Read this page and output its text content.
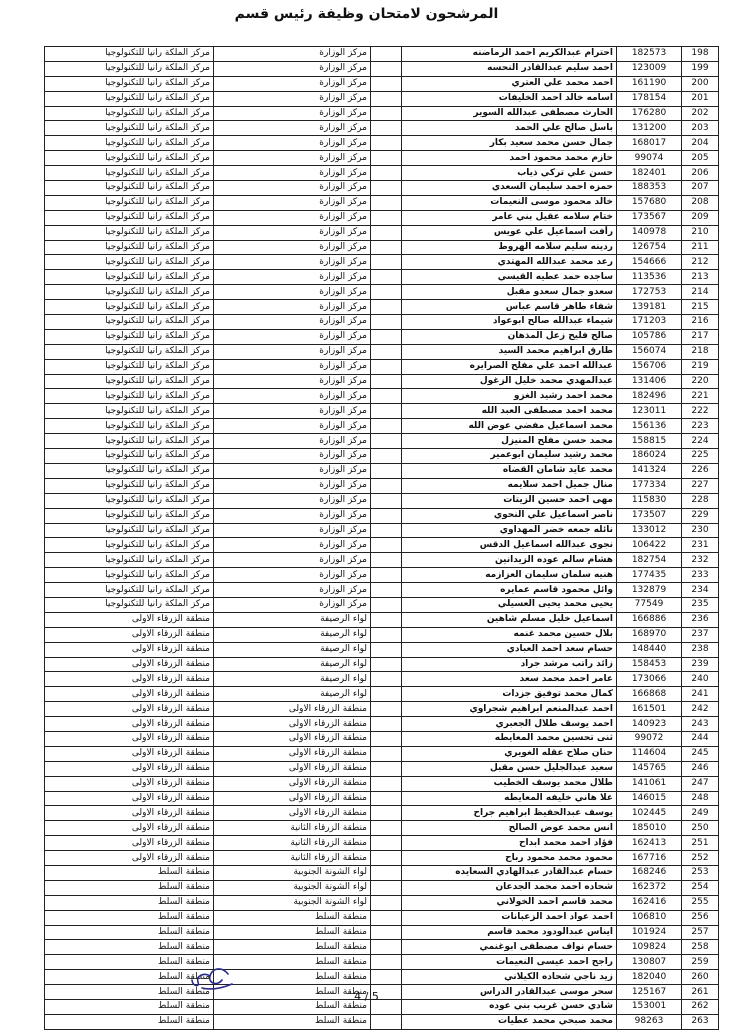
المرشحون لامتحان وظيفة رئيس قسم
198	182573	احترام عبدالكريم احمد الرماضنه		مركز الوزارة	مركز الملكة رانيا للتكنولوجيا
199	123009	احمد سليم عبدالقادر النحسه		مركز الوزارة	مركز الملكة رانيا للتكنولوجيا
200	161190	احمد محمد علي العتري		مركز الوزارة	مركز الملكة رانيا للتكنولوجيا
201	178154	اسامه خالد احمد الخليفات		مركز الوزارة	مركز الملكة رانيا للتكنولوجيا
202	176280	الحارث مصطفى عبدالله السوير		مركز الوزارة	مركز الملكة رانيا للتكنولوجيا
203	131200	باسل صالح علي الحمد		مركز الوزارة	مركز الملكة رانيا للتكنولوجيا
204	168017	جمال حسن محمد سعيد بكار		مركز الوزارة	مركز الملكة رانيا للتكنولوجيا
205	99074	حازم محمد محمود احمد		مركز الوزارة	مركز الملكة رانيا للتكنولوجيا
206	182401	حسن علي تركي ذياب		مركز الوزارة	مركز الملكة رانيا للتكنولوجيا
207	188353	حمزه احمد سليمان السعدي		مركز الوزارة	مركز الملكة رانيا للتكنولوجيا
208	157680	خالد محمود موسى النعيمات		مركز الوزارة	مركز الملكة رانيا للتكنولوجيا
209	173567	ختام سلامه عقيل بني عامر		مركز الوزارة	مركز الملكة رانيا للتكنولوجيا
210	140978	رأفت اسماعيل علي عويس		مركز الوزارة	مركز الملكة رانيا للتكنولوجيا
211	126754	ردينه سليم سلامه الهروط		مركز الوزارة	مركز الملكة رانيا للتكنولوجيا
212	154666	رعد محمد عبدالله المهتدي		مركز الوزارة	مركز الملكة رانيا للتكنولوجيا
213	113536	ساجده حمد عطيه القيسي		مركز الوزارة	مركز الملكة رانيا للتكنولوجيا
214	172753	سعدو جمال سعدو مقبل		مركز الوزارة	مركز الملكة رانيا للتكنولوجيا
215	139181	شفاء طاهر قاسم عباس		مركز الوزارة	مركز الملكة رانيا للتكنولوجيا
216	171203	شيماء عبدالله صالح ابوعواد		مركز الوزارة	مركز الملكة رانيا للتكنولوجيا
217	105786	صالح فليح زعل المذهان		مركز الوزارة	مركز الملكة رانيا للتكنولوجيا
218	156074	طارق ابراهيم محمد السيد		مركز الوزارة	مركز الملكة رانيا للتكنولوجيا
219	156706	عبدالله احمد علي مفلح الصرايره		مركز الوزارة	مركز الملكة رانيا للتكنولوجيا
220	131406	عبدالمهدي محمد خليل الزغول		مركز الوزارة	مركز الملكة رانيا للتكنولوجيا
221	182496	محمد احمد رشيد الغزو		مركز الوزارة	مركز الملكة رانيا للتكنولوجيا
222	123011	محمد احمد مصطفى العبد الله		مركز الوزارة	مركز الملكة رانيا للتكنولوجيا
223	156136	محمد اسماعيل مفضي عوض الله		مركز الوزارة	مركز الملكة رانيا للتكنولوجيا
224	158815	محمد حسن مفلح المنيزل		مركز الوزارة	مركز الملكة رانيا للتكنولوجيا
225	186024	محمد رشيد سليمان ابوعمير		مركز الوزارة	مركز الملكة رانيا للتكنولوجيا
226	141324	محمد عايد شامان القضاه		مركز الوزارة	مركز الملكة رانيا للتكنولوجيا
227	177334	منال جميل احمد سلايمه		مركز الوزارة	مركز الملكة رانيا للتكنولوجيا
228	115830	مهى احمد حسين الزيتات		مركز الوزارة	مركز الملكة رانيا للتكنولوجيا
229	173507	ناصر اسماعيل علي النحوي		مركز الوزارة	مركز الملكة رانيا للتكنولوجيا
230	133012	نائله جمعه خضر المهداوي		مركز الوزارة	مركز الملكة رانيا للتكنولوجيا
231	106422	نجوى عبدالله اسماعيل الدقس		مركز الوزارة	مركز الملكة رانيا للتكنولوجيا
232	182754	هشام سالم عوده الزيدانين		مركز الوزارة	مركز الملكة رانيا للتكنولوجيا
233	177435	هنيه سلمان سليمان العزازمه		مركز الوزارة	مركز الملكة رانيا للتكنولوجيا
234	132879	وائل محمود قاسم عمايره		مركز الوزارة	مركز الملكة رانيا للتكنولوجيا
235	77549	يحيى محمد يحيى العسيلي		مركز الوزارة	مركز الملكة رانيا للتكنولوجيا
236	166886	اسماعيل خليل مسلم شاهين		لواء الرصيفة	منطقة الزرقاء الاولى
237	168970	بلال حسين محمد غنمه		لواء الرصيفة	منطقة الزرقاء الاولى
238	148440	حسام سعد احمد العبادي		لواء الرصيفة	منطقة الزرقاء الاولى
239	158453	زائد راتب مرشد جراد		لواء الرصيفة	منطقة الزرقاء الاولى
240	173066	عامر احمد محمد سعد		لواء الرصيفة	منطقة الزرقاء الاولى
241	166868	كمال محمد توفيق جزدات		لواء الرصيفة	منطقة الزرقاء الاولى
242	161501	احمد عبدالمنعم ابراهيم شجراوي		منطقة الزرقاء الاولى	منطقة الزرقاء الاولى
243	140923	احمد يوسف طلال الجعبري		منطقة الزرقاء الاولى	منطقة الزرقاء الاولى
244	99072	ثنى تحسين محمد المعايطه		منطقة الزرقاء الاولى	منطقة الزرقاء الاولى
245	114604	حنان صلاح عقله الغويري		منطقة الزرقاء الاولى	منطقة الزرقاء الاولى
246	145765	سعيد عبدالجليل حسن مقبل		منطقة الزرقاء الاولى	منطقة الزرقاء الاولى
247	141061	طلال محمد يوسف الخطيب		منطقة الزرقاء الاولى	منطقة الزرقاء الاولى
248	146015	علا هاني خليفه المعايطه		منطقة الزرقاء الاولى	منطقة الزرقاء الاولى
249	102445	يوسف عبدالحفيظ ابراهيم جراح		منطقة الزرقاء الاولى	منطقة الزرقاء الاولى
250	185010	انس محمد عوض الصالح		منطقة الزرقاء الثانية	منطقة الزرقاء الاولى
251	162413	فؤاد احمد محمد ابداح		منطقة الزرقاء الثانية	منطقة الزرقاء الاولى
252	167716	محمود محمد محمود رباح		منطقة الزرقاء الثانية	منطقة الزرقاء الاولى
253	168246	حسام عبدالقادر عبدالهادي السعايده		لواء الشونة الجنوبية	منطقة السلط
254	162372	شحاده احمد محمد الجدعان		لواء الشونة الجنوبية	منطقة السلط
255	162416	محمد قاسم احمد الخولاني		لواء الشونة الجنوبية	منطقة السلط
256	106810	احمد عواد احمد الزعبانات		منطقة السلط	منطقة السلط
257	101924	ايناس عبدالودود محمد قاسم		منطقة السلط	منطقة السلط
258	109824	حسام نواف مصطفى ابوغنمي		منطقة السلط	منطقة السلط
259	130807	راجح احمد عيسى النعيمات		منطقة السلط	منطقة السلط
260	182040	زيد ناجي شحاده الكيلاني		منطقة السلط	منطقة السلط
261	125167	سحر موسى عبدالقادر الدراس		منطقة السلط	منطقة السلط
262	153001	شادي حسن غريب بني عوده		منطقة السلط	منطقة السلط
263	98263	محمد صبحي محمد عطيات		منطقة السلط	منطقة السلط
4 / 5
